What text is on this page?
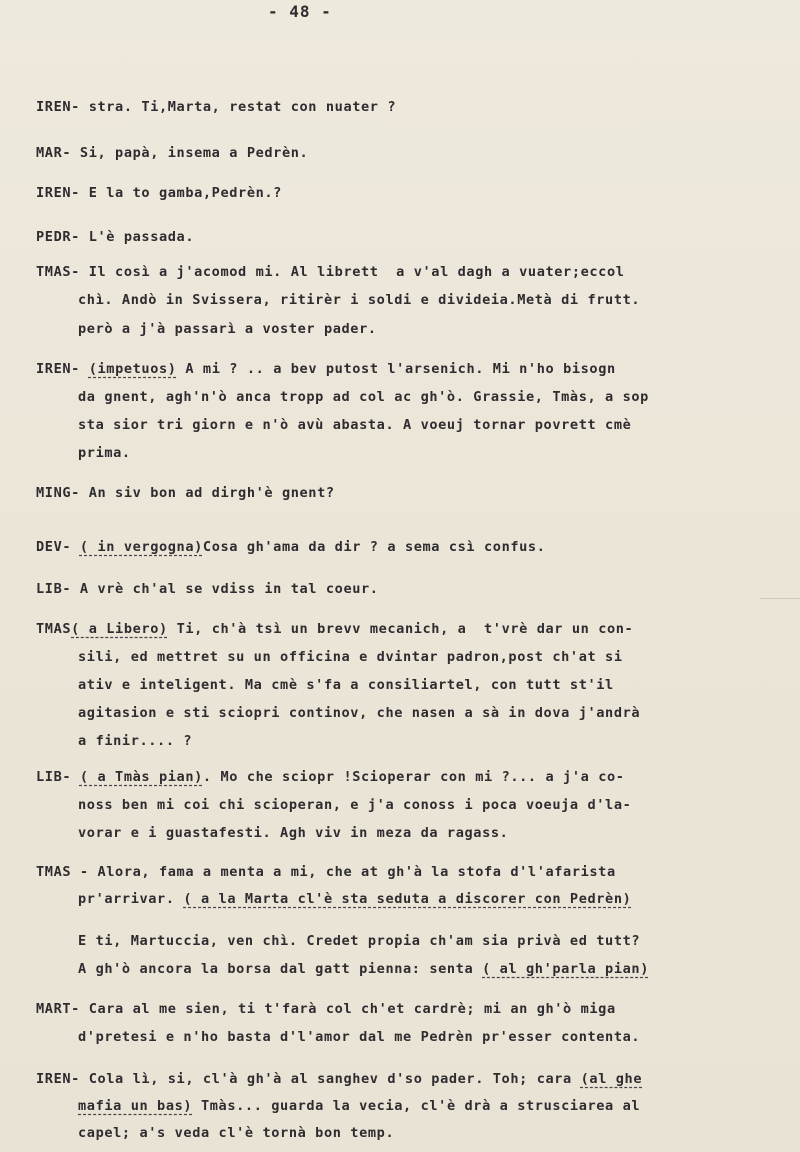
- 48 -
IREN- stra. Ti,Marta, restat con nuater ?
MAR- Si, papà, insema a Pedrèn.
IREN- E la to gamba,Pedrèn.?
PEDR- L'è passada.
TMAS- Il così a j'acomod mi. Al librett  a v'al dagh a vuater;eccol
chì. Andò in Svissera, ritirèr i soldi e divideia.Metà di frutt.
però a j'à passarì a voster pader.
IREN- (impetuos) A mi ? .. a bev putost l'arsenich. Mi n'ho bisogn
da gnent, agh'n'ò anca tropp ad col ac gh'ò. Grassie, Tmàs, a sop
sta sior tri giorn e n'ò avù abasta. A voeuj tornar povrett cmè
prima.
MING- An siv bon ad dirgh'è gnent?
DEV- ( in vergogna)Cosa gh'ama da dir ? a sema csì confus.
LIB- A vrè ch'al se vdiss in tal coeur.
TMAS( a Libero) Ti, ch'à tsì un brevv mecanich, a  t'vrè dar un con-
sili, ed mettret su un officina e dvintar padron,post ch'at si
ativ e inteligent. Ma cmè s'fa a consiliartel, con tutt st'il
agitasion e sti sciopri continov, che nasen a sà in dova j'andrà
a finir.... ?
LIB- ( a Tmàs pian). Mo che sciopr !Scioperar con mi ?... a j'a co-
noss ben mi coi chi scioperan, e j'a conoss i poca voeuja d'la-
vorar e i guastafesti. Agh viv in meza da ragass.
TMAS - Alora, fama a menta a mi, che at gh'à la stofa d'l'afarista
pr'arrivar. ( a la Marta cl'è sta seduta a discorer con Pedrèn)
E ti, Martuccia, ven chì. Credet propia ch'am sia privà ed tutt?
A gh'ò ancora la borsa dal gatt pienna: senta ( al gh'parla pian)
MART- Cara al me sien, ti t'farà col ch'et cardrè; mi an gh'ò miga
d'pretesi e n'ho basta d'l'amor dal me Pedrèn pr'esser contenta.
IREN- Cola lì, si, cl'à gh'à al sanghev d'so pader. Toh; cara (al ghe
mafia un bas) Tmàs... guarda la vecia, cl'è drà a strusciarea al
capel; a's veda cl'è tornà bon temp.
